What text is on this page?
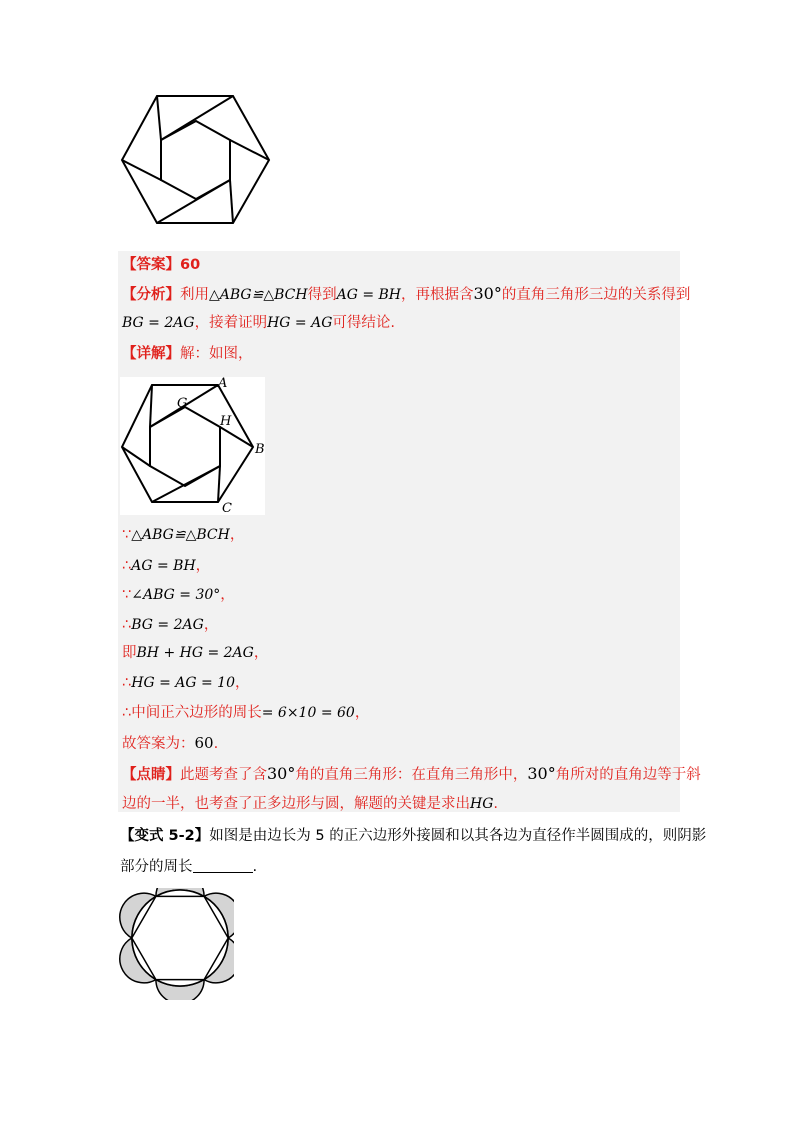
【答案】60
【分析】利用△ABG≌△BCH得到AG = BH，再根据含30°的直角三角形三边的关系得到
BG = 2AG，接着证明HG = AG可得结论.
【详解】解：如图，
A
G
H
B
C
∵△ABG≌△BCH，
∴AG = BH，
∵∠ABG = 30°，
∴BG = 2AG，
即BH + HG = 2AG，
∴HG = AG = 10，
∴中间正六边形的周长= 6×10 = 60，
故答案为：60.
【点睛】此题考查了含30°角的直角三角形：在直角三角形中，30°角所对的直角边等于斜
边的一半，也考查了正多边形与圆，解题的关键是求出HG.
【变式 5-2】如图是由边长为 5 的正六边形外接圆和以其各边为直径作半圆围成的，则阴影
部分的周长	.
